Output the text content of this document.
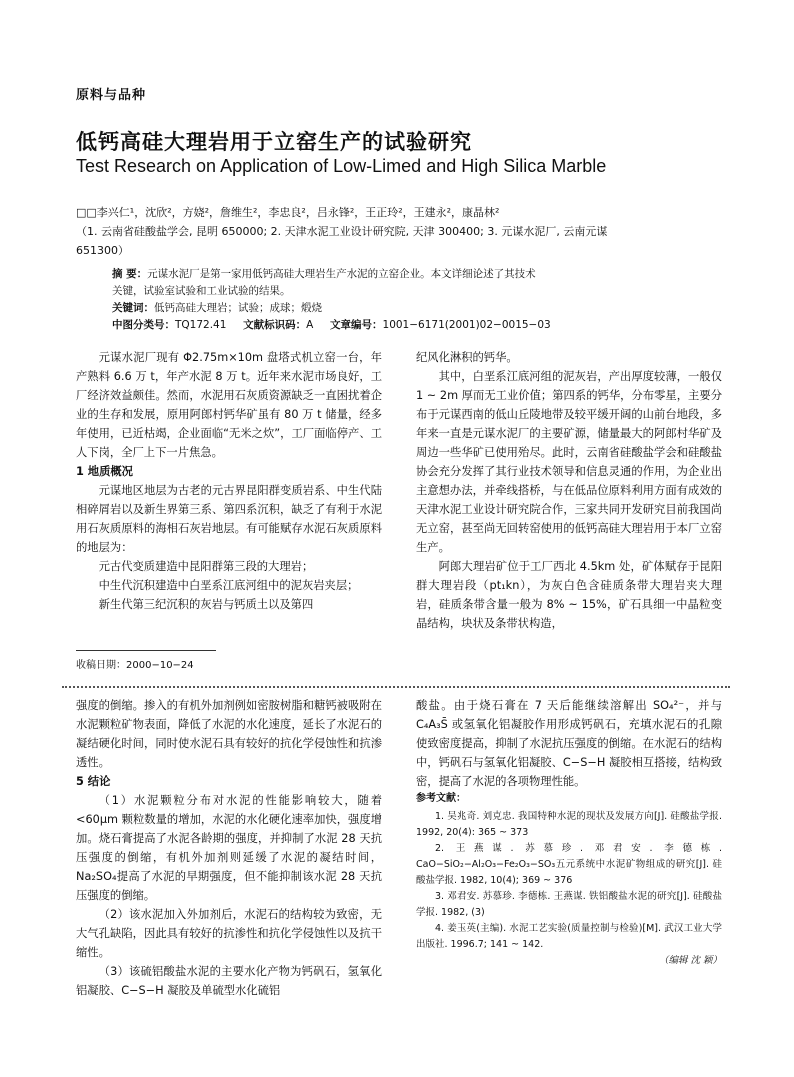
原料与品种
低钙高硅大理岩用于立窑生产的试验研究
Test Research on Application of Low-Limed and High Silica Marble
□□李兴仁¹，沈欣²，方娆²，詹维生²，李忠良²，吕永锋²，王正玲²，王建永²，康晶林²
（1. 云南省硅酸盐学会, 昆明 650000; 2. 天津水泥工业设计研究院, 天津 300400; 3. 元谋水泥厂, 云南元谋
651300）
摘 要：元谋水泥厂是第一家用低钙高硅大理岩生产水泥的立窑企业。本文详细论述了其技术
关键，试验室试验和工业试验的结果。
关键词：低钙高硅大理岩；试验；成球；煅烧
中图分类号：TQ172.41 文献标识码：A 文章编号：1001−6171(2001)02−0015−03

元谋水泥厂现有 Φ2.75m×10m 盘塔式机立窑一台，年产熟料 6.6 万 t，年产水泥 8 万 t。近年来水泥市场良好，工厂经济效益颇佳。然而，水泥用石灰质资源缺乏一直困扰着企业的生存和发展，原用阿郎村钙华矿虽有 80 万 t 储量，经多年使用，已近枯竭，企业面临“无米之炊”，工厂面临停产、工人下岗，全厂上下一片焦急。

1 地质概况

元谋地区地层为古老的元古界昆阳群变质岩系、中生代陆相碎屑岩以及新生界第三系、第四系沉积，缺乏了有利于水泥用石灰质原料的海相石灰岩地层。有可能赋存水泥石灰质原料的地层为：

元古代变质建造中昆阳群第三段的大理岩；

中生代沉积建造中白垩系江底河组中的泥灰岩夹层；

新生代第三纪沉积的灰岩与钙质土以及第四

纪风化淋积的钙华。

其中，白垩系江底河组的泥灰岩，产出厚度较薄，一般仅 1 ~ 2m 厚而无工业价值；第四系的钙华，分布零星，主要分布于元谋西南的低山丘陵地带及较平缓开阔的山前台地段，多年来一直是元谋水泥厂的主要矿源，储量最大的阿郎村华矿及周边一些华矿已使用殆尽。此时，云南省硅酸盐学会和硅酸盐协会充分发挥了其行业技术领导和信息灵通的作用，为企业出主意想办法，并牵线搭桥，与在低品位原料利用方面有成效的天津水泥工业设计研究院合作，三家共同开发研究目前我国尚无立窑，甚至尚无回转窑使用的低钙高硅大理岩用于本厂立窑生产。

阿郎大理岩矿位于工厂西北 4.5km 处，矿体赋存于昆阳群大理岩段（pt₁kn），为灰白色含硅质条带大理岩夹大理岩，硅质条带含量一般为 8% ~ 15%，矿石具细一中晶粒变晶结构，块状及条带状构造，

收稿日期：2000−10−24

强度的倒缩。掺入的有机外加剂例如密胺树脂和糖钙被吸附在水泥颗粒矿物表面，降低了水泥的水化速度，延长了水泥石的凝结硬化时间，同时使水泥石具有较好的抗化学侵蚀性和抗渗透性。

5 结论

（1）水泥颗粒分布对水泥的性能影响较大，随着<60μm 颗粒数量的增加，水泥的水化硬化速率加快，强度增加。烧石膏提高了水泥各龄期的强度，并抑制了水泥 28 天抗压强度的倒缩，有机外加剂则延缓了水泥的凝结时间，Na₂SO₄提高了水泥的早期强度，但不能抑制该水泥 28 天抗压强度的倒缩。

（2）该水泥加入外加剂后，水泥石的结构较为致密，无大气孔缺陷，因此具有较好的抗渗性和抗化学侵蚀性以及抗干缩性。

（3）该硫铝酸盐水泥的主要水化产物为钙矾石，氢氧化铝凝胶、C−S−H 凝胶及单硫型水化硫铝

酸盐。由于烧石膏在 7 天后能继续溶解出 SO₄²⁻，并与 C₄A₃S̄ 或氢氧化铝凝胶作用形成钙矾石，充填水泥石的孔隙使致密度提高，抑制了水泥抗压强度的倒缩。在水泥石的结构中，钙矾石与氢氧化铝凝胶、C−S−H 凝胶相互搭接，结构致密，提高了水泥的各项物理性能。

参考文献：

1. 吴兆奇. 刘克忠. 我国特种水泥的现状及发展方向[J]. 硅酸盐学报. 1992, 20(4): 365 ~ 373

2. 王燕谋. 苏慕珍. 邓君安. 李德栋. CaO−SiO₂−Al₂O₃−Fe₂O₃−SO₃五元系统中水泥矿物组成的研究[J]. 硅酸盐学报. 1982, 10(4); 369 ~ 376

3. 邓君安. 苏慕珍. 李德栋. 王燕谋. 铁铝酸盐水泥的研究[J]. 硅酸盐学报. 1982, (3)

4. 姜玉英(主编). 水泥工艺实验(质量控制与检验)[M]. 武汉工业大学出版社. 1996.7; 141 ~ 142.

（编辑 沈 颖）
